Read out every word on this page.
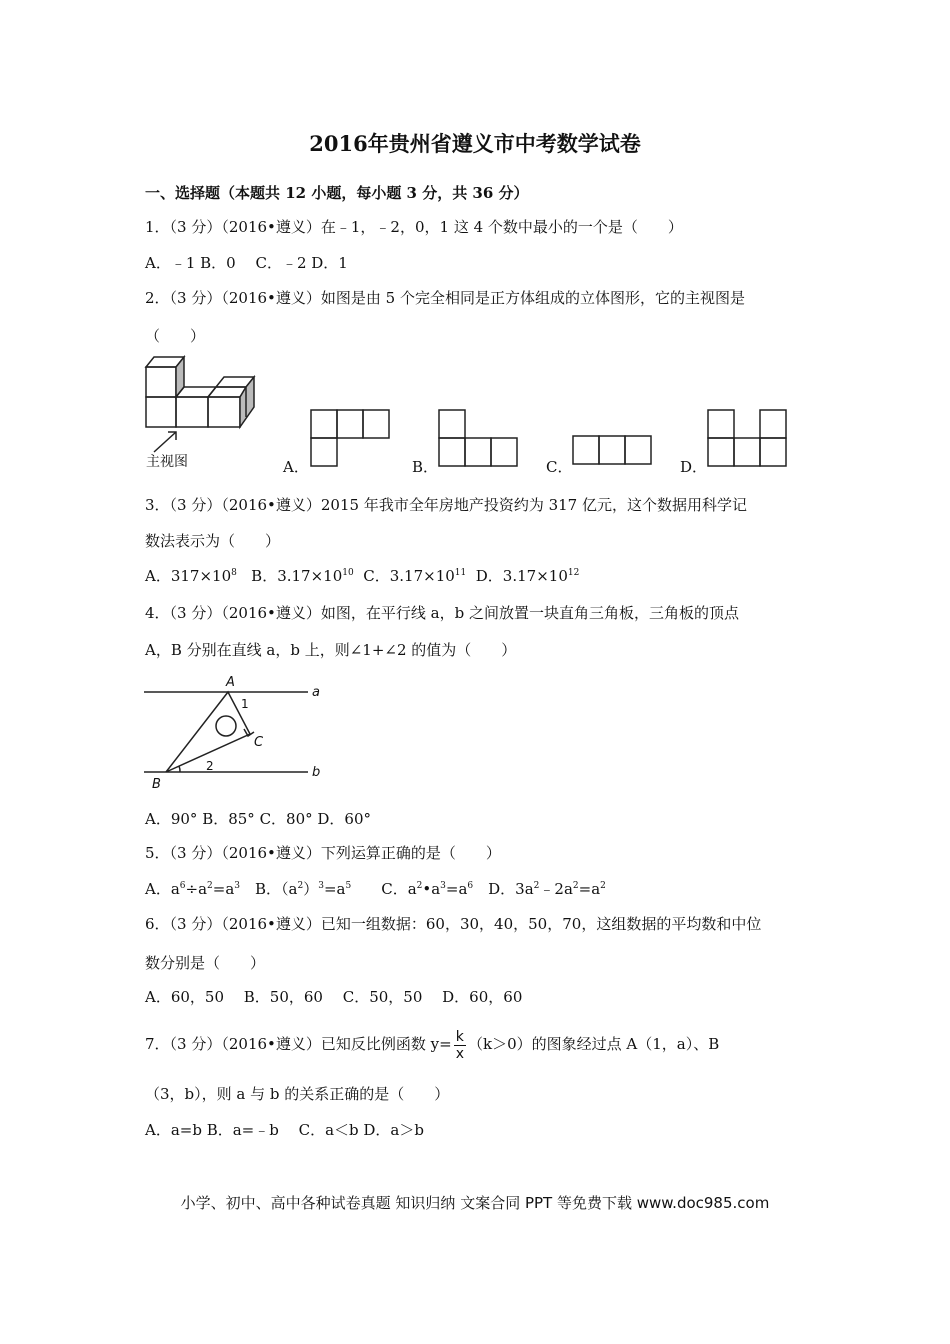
2016年贵州省遵义市中考数学试卷
一、选择题（本题共 12 小题，每小题 3 分，共 36 分）
1．（3 分）（2016•遵义）在﹣1，﹣2，0，1 这 4 个数中最小的一个是（　　）
A．﹣1 B．0　 C．﹣2 D．1
2．（3 分）（2016•遵义）如图是由 5 个完全相同是正方体组成的立体图形，它的主视图是
（　　）
主视图	A．	B．	C．	D．
3．（3 分）（2016•遵义）2015 年我市全年房地产投资约为 317 亿元，这个数据用科学记
数法表示为（　　）
A．$317\times 10^8$ B．$3.17\times 10^{10}$ C．$3.17\times 10^{11}$ D．$3.17\times 10^{12}$
4．（3 分）（2016•遵义）如图，在平行线 a，b 之间放置一块直角三角板，三角板的顶点
A，B 分别在直线 a，b 上，则∠1+∠2 的值为（　　）
A
B
C
a
b
1
2
A．90° B．85° C．80° D．60°
5．（3 分）（2016•遵义）下列运算正确的是（　　）
A．$a^6\div a^2=a^3$　B．$(a^2)^3=a^5$　　C．$a^2•a^3=a^6$　D．$3a^2﹣2a^2=a^2$
6．（3 分）（2016•遵义）已知一组数据：60，30，40，50，70，这组数据的平均数和中位
数分别是（　　）
A．60，50　 B．50，60　 C．50，50　 D．60，60
7．（3 分）（2016•遵义）已知反比例函数 $y= \frac{k}{x} (k>0)$的图象经过点 A（1，a）、B
（3，b），则 a 与 b 的关系正确的是（　　）
A．a=b B．a=﹣b　 C．a＜b D．a＞b
小学、初中、高中各种试卷真题 知识归纳 文案合同 PPT 等免费下载 www.doc985.com
